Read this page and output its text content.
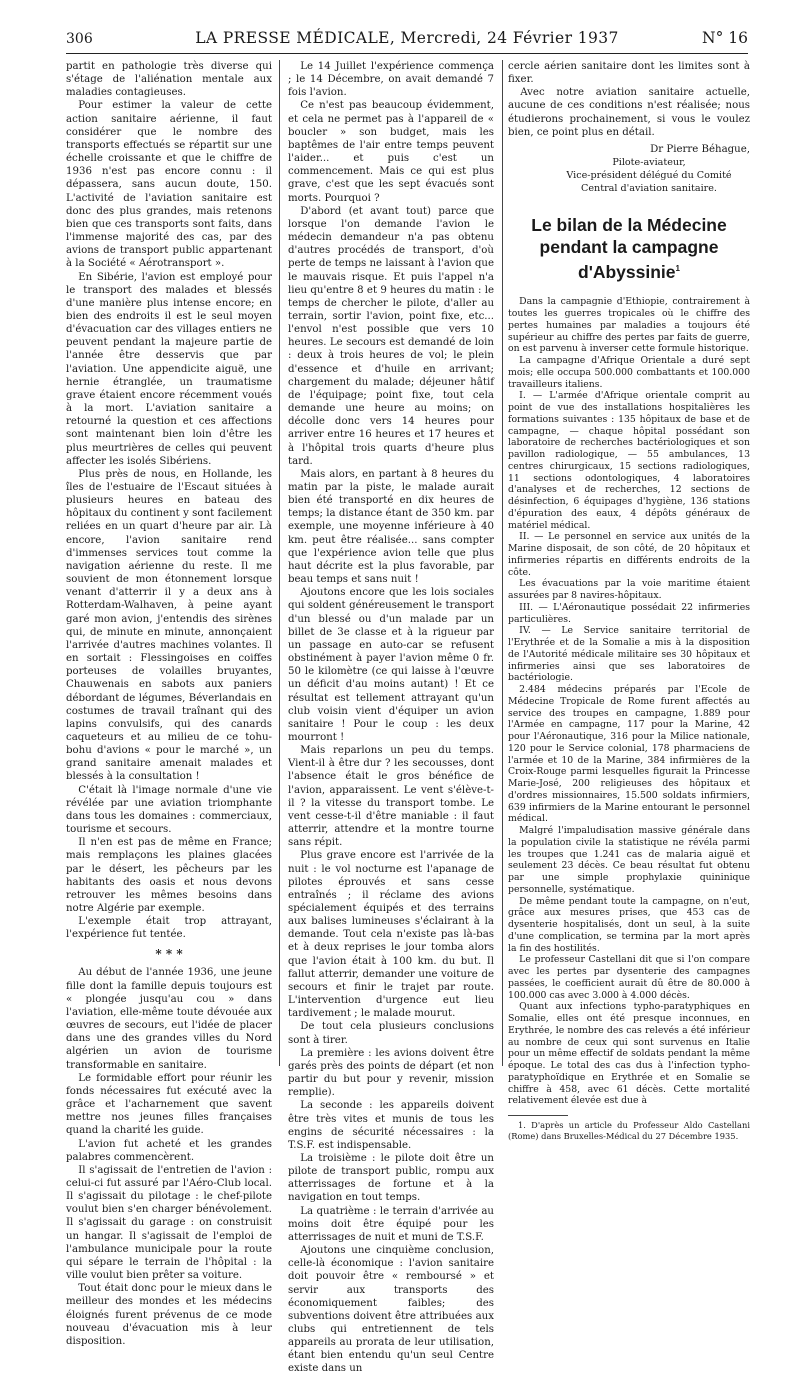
306	LA PRESSE MÉDICALE, Mercredi, 24 Février 1937	N° 16

partit en pathologie très diverse qui s'étage de l'aliénation mentale aux maladies contagieuses.

Pour estimer la valeur de cette action sanitaire aérienne, il faut considérer que le nombre des transports effectués se répartit sur une échelle croissante et que le chiffre de 1936 n'est pas encore connu : il dépassera, sans aucun doute, 150. L'activité de l'aviation sanitaire est donc des plus grandes, mais retenons bien que ces transports sont faits, dans l'immense majorité des cas, par des avions de transport public appartenant à la Société « Aérotransport ».

En Sibérie, l'avion est employé pour le transport des malades et blessés d'une manière plus intense encore; en bien des endroits il est le seul moyen d'évacuation car des villages entiers ne peuvent pendant la majeure partie de l'année être desservis que par l'aviation. Une appendicite aiguë, une hernie étranglée, un traumatisme grave étaient encore récemment voués à la mort. L'aviation sanitaire a retourné la question et ces affections sont maintenant bien loin d'être les plus meurtrières de celles qui peuvent affecter les isolés Sibériens.

Plus près de nous, en Hollande, les îles de l'estuaire de l'Escaut situées à plusieurs heures en bateau des hôpitaux du continent y sont facilement reliées en un quart d'heure par air. Là encore, l'avion sanitaire rend d'immenses services tout comme la navigation aérienne du reste. Il me souvient de mon étonnement lorsque venant d'atterrir il y a deux ans à Rotterdam-Walhaven, à peine ayant garé mon avion, j'entendis des sirènes qui, de minute en minute, annonçaient l'arrivée d'autres machines volantes. Il en sortait : Flessingoises en coiffes porteuses de volailles bruyantes, Chauwenais en sabots aux paniers débordant de légumes, Béverlandais en costumes de travail traînant qui des lapins convulsifs, qui des canards caqueteurs et au milieu de ce tohu-bohu d'avions « pour le marché », un grand sanitaire amenait malades et blessés à la consultation !

C'était là l'image normale d'une vie révélée par une aviation triomphante dans tous les domaines : commerciaux, tourisme et secours.

Il n'en est pas de même en France; mais remplaçons les plaines glacées par le désert, les pêcheurs par les habitants des oasis et nous devons retrouver les mêmes besoins dans notre Algérie par exemple.

L'exemple était trop attrayant, l'expérience fut tentée.

* * *

Au début de l'année 1936, une jeune fille dont la famille depuis toujours est « plongée jusqu'au cou » dans l'aviation, elle-même toute dévouée aux œuvres de secours, eut l'idée de placer dans une des grandes villes du Nord algérien un avion de tourisme transformable en sanitaire.

Le formidable effort pour réunir les fonds nécessaires fut exécuté avec la grâce et l'acharnement que savent mettre nos jeunes filles françaises quand la charité les guide.

L'avion fut acheté et les grandes palabres commencèrent.

Il s'agissait de l'entretien de l'avion : celui-ci fut assuré par l'Aéro-Club local. Il s'agissait du pilotage : le chef-pilote voulut bien s'en charger bénévolement. Il s'agissait du garage : on construisit un hangar. Il s'agissait de l'emploi de l'ambulance municipale pour la route qui sépare le terrain de l'hôpital : la ville voulut bien prêter sa voiture.

Tout était donc pour le mieux dans le meilleur des mondes et les médecins éloignés furent prévenus de ce mode nouveau d'évacuation mis à leur disposition.

Le 14 Juillet l'expérience commença ; le 14 Décembre, on avait demandé 7 fois l'avion.

Ce n'est pas beaucoup évidemment, et cela ne permet pas à l'appareil de « boucler » son budget, mais les baptêmes de l'air entre temps peuvent l'aider... et puis c'est un commencement. Mais ce qui est plus grave, c'est que les sept évacués sont morts. Pourquoi ?

D'abord (et avant tout) parce que lorsque l'on demande l'avion le médecin demandeur n'a pas obtenu d'autres procédés de transport, d'où perte de temps ne laissant à l'avion que le mauvais risque. Et puis l'appel n'a lieu qu'entre 8 et 9 heures du matin : le temps de chercher le pilote, d'aller au terrain, sortir l'avion, point fixe, etc... l'envol n'est possible que vers 10 heures. Le secours est demandé de loin : deux à trois heures de vol; le plein d'essence et d'huile en arrivant; chargement du malade; déjeuner hâtif de l'équipage; point fixe, tout cela demande une heure au moins; on décolle donc vers 14 heures pour arriver entre 16 heures et 17 heures et à l'hôpital trois quarts d'heure plus tard.

Mais alors, en partant à 8 heures du matin par la piste, le malade aurait bien été transporté en dix heures de temps; la distance étant de 350 km. par exemple, une moyenne inférieure à 40 km. peut être réalisée... sans compter que l'expérience avion telle que plus haut décrite est la plus favorable, par beau temps et sans nuit !

Ajoutons encore que les lois sociales qui soldent généreusement le transport d'un blessé ou d'un malade par un billet de 3e classe et à la rigueur par un passage en auto-car se refusent obstinément à payer l'avion même 0 fr. 50 le kilomètre (ce qui laisse à l'œuvre un déficit d'au moins autant) ! Et ce résultat est tellement attrayant qu'un club voisin vient d'équiper un avion sanitaire ! Pour le coup : les deux mourront !

Mais reparlons un peu du temps. Vient-il à être dur ? les secousses, dont l'absence était le gros bénéfice de l'avion, apparaissent. Le vent s'élève-t-il ? la vitesse du transport tombe. Le vent cesse-t-il d'être maniable : il faut atterrir, attendre et la montre tourne sans répit.

Plus grave encore est l'arrivée de la nuit : le vol nocturne est l'apanage de pilotes éprouvés et sans cesse entraînés ; il réclame des avions spécialement équipés et des terrains aux balises lumineuses s'éclairant à la demande. Tout cela n'existe pas là-bas et à deux reprises le jour tomba alors que l'avion était à 100 km. du but. Il fallut atterrir, demander une voiture de secours et finir le trajet par route. L'intervention d'urgence eut lieu tardivement ; le malade mourut.

De tout cela plusieurs conclusions sont à tirer.

La première : les avions doivent être garés près des points de départ (et non partir du but pour y revenir, mission remplie).

La seconde : les appareils doivent être très vites et munis de tous les engins de sécurité nécessaires : la T.S.F. est indispensable.

La troisième : le pilote doit être un pilote de transport public, rompu aux atterrissages de fortune et à la navigation en tout temps.

La quatrième : le terrain d'arrivée au moins doit être équipé pour les atterrissages de nuit et muni de T.S.F.

Ajoutons une cinquième conclusion, celle-là économique : l'avion sanitaire doit pouvoir être « remboursé » et servir aux transports des économiquement faibles; des subventions doivent être attribuées aux clubs qui entretiennent de tels appareils au prorata de leur utilisation, étant bien entendu qu'un seul Centre existe dans un

cercle aérien sanitaire dont les limites sont à fixer.

Avec notre aviation sanitaire actuelle, aucune de ces conditions n'est réalisée; nous étudierons prochainement, si vous le voulez bien, ce point plus en détail.

Dr Pierre Béhague,

Pilote-aviateur,

Vice-président délégué du Comité Central d'aviation sanitaire.

Le bilan de la Médecine
pendant la campagne
d'Abyssinie$^1$

Dans la campagnie d'Ethiopie, contrairement à toutes les guerres tropicales où le chiffre des pertes humaines par maladies a toujours été supérieur au chiffre des pertes par faits de guerre, on est parvenu à inverser cette formule historique.

La campagne d'Afrique Orientale a duré sept mois; elle occupa 500.000 combattants et 100.000 travailleurs italiens.

I. — L'armée d'Afrique orientale comprit au point de vue des installations hospitalières les formations suivantes : 135 hôpitaux de base et de campagne, — chaque hôpital possédant son laboratoire de recherches bactériologiques et son pavillon radiologique, — 55 ambulances, 13 centres chirurgicaux, 15 sections radiologiques, 11 sections odontologiques, 4 laboratoires d'analyses et de recherches, 12 sections de désinfection, 6 équipages d'hygiène, 136 stations d'épuration des eaux, 4 dépôts généraux de matériel médical.

II. — Le personnel en service aux unités de la Marine disposait, de son côté, de 20 hôpitaux et infirmeries répartis en différents endroits de la côte.

Les évacuations par la voie maritime étaient assurées par 8 navires-hôpitaux.

III. — L'Aéronautique possédait 22 infirmeries particulières.

IV. — Le Service sanitaire territorial de l'Erythrée et de la Somalie a mis à la disposition de l'Autorité médicale militaire ses 30 hôpitaux et infirmeries ainsi que ses laboratoires de bactériologie.

2.484 médecins préparés par l'Ecole de Médecine Tropicale de Rome furent affectés au service des troupes en campagne, 1.889 pour l'Armée en campagne, 117 pour la Marine, 42 pour l'Aéronautique, 316 pour la Milice nationale, 120 pour le Service colonial, 178 pharmaciens de l'armée et 10 de la Marine, 384 infirmières de la Croix-Rouge parmi lesquelles figurait la Princesse Marie-José, 200 religieuses des hôpitaux et d'ordres missionnaires, 15.500 soldats infirmiers, 639 infirmiers de la Marine entourant le personnel médical.

Malgré l'impaludisation massive générale dans la population civile la statistique ne révéla parmi les troupes que 1.241 cas de malaria aiguë et seulement 23 décès. Ce beau résultat fut obtenu par une simple prophylaxie quininique personnelle, systématique.

De même pendant toute la campagne, on n'eut, grâce aux mesures prises, que 453 cas de dysenterie hospitalisés, dont un seul, à la suite d'une complication, se termina par la mort après la fin des hostilités.

Le professeur Castellani dit que si l'on compare avec les pertes par dysenterie des campagnes passées, le coefficient aurait dû être de 80.000 à 100.000 cas avec 3.000 à 4.000 décès.

Quant aux infections typho-paratyphiques en Somalie, elles ont été presque inconnues, en Erythrée, le nombre des cas relevés a été inférieur au nombre de ceux qui sont survenus en Italie pour un même effectif de soldats pendant la même époque. Le total des cas dus à l'infection typho-paratyphoïdique en Erythrée et en Somalie se chiffre à 458, avec 61 décès. Cette mortalité relativement élevée est due à

1. D'après un article du Professeur Aldo Castellani (Rome) dans Bruxelles-Médical du 27 Décembre 1935.
